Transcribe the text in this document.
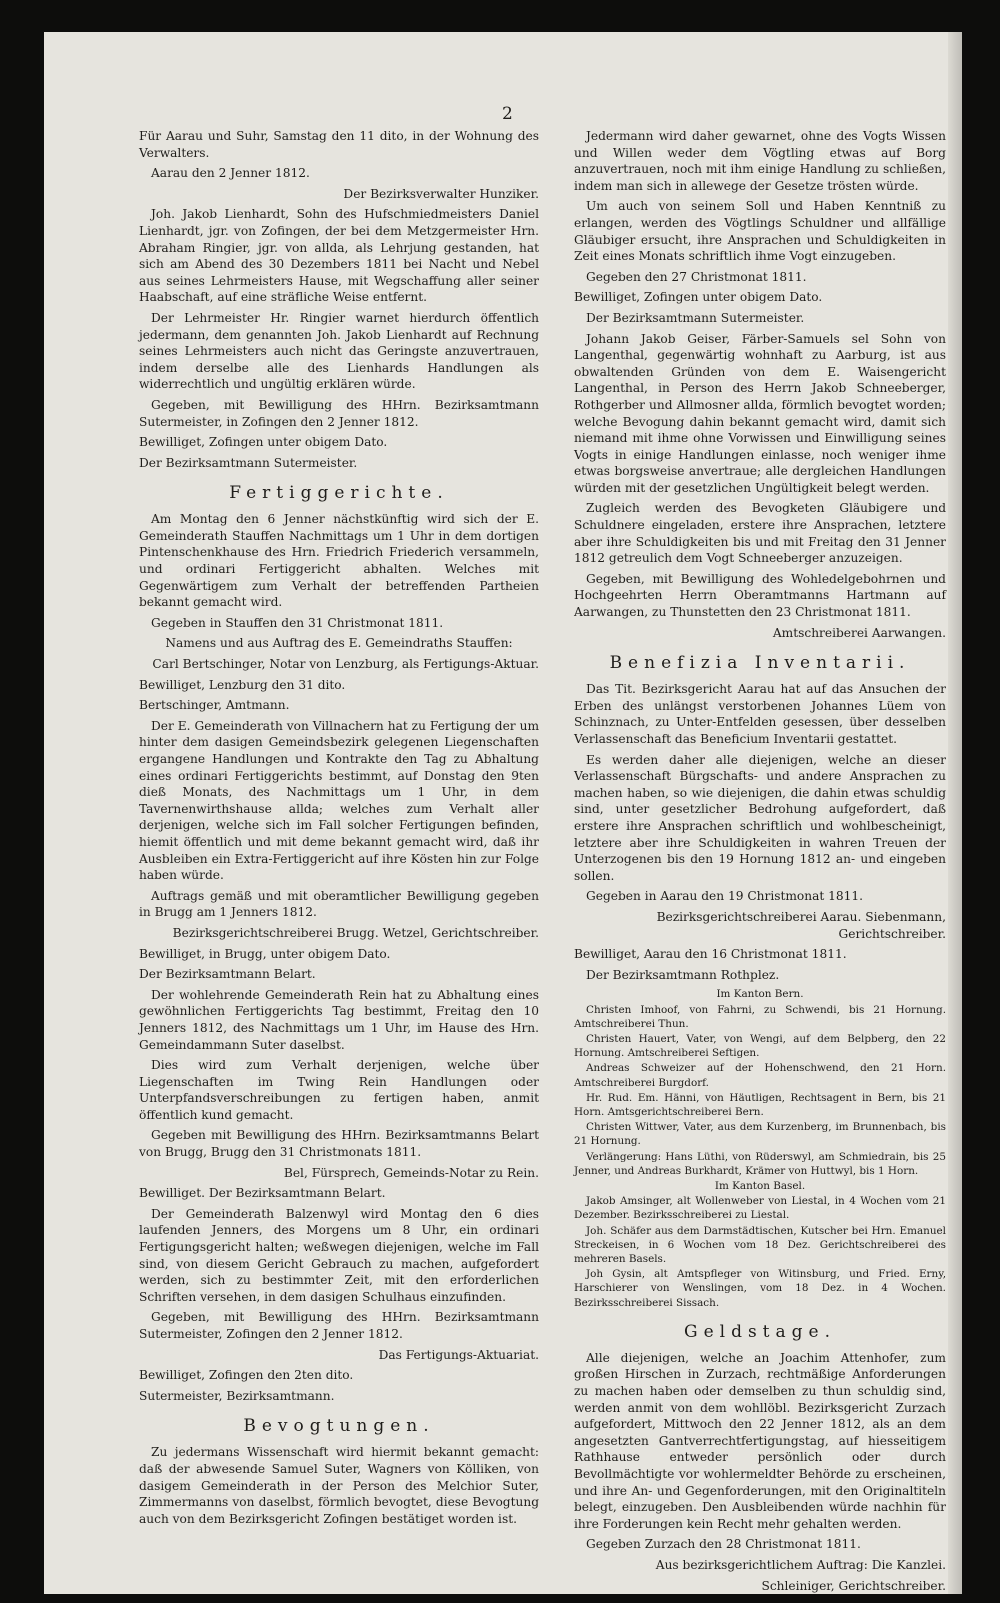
2

Für Aarau und Suhr, Samstag den 11 dito, in der Wohnung des Verwalters.

Aarau den 2 Jenner 1812.

Der Bezirksverwalter Hunziker.

Joh. Jakob Lienhardt, Sohn des Hufschmiedmeisters Daniel Lienhardt, jgr. von Zofingen, der bei dem Metzgermeister Hrn. Abraham Ringier, jgr. von allda, als Lehrjung gestanden, hat sich am Abend des 30 Dezembers 1811 bei Nacht und Nebel aus seines Lehrmeisters Hause, mit Wegschaffung aller seiner Haabschaft, auf eine sträfliche Weise entfernt.

Der Lehrmeister Hr. Ringier warnet hierdurch öffentlich jedermann, dem genannten Joh. Jakob Lienhardt auf Rechnung seines Lehrmeisters auch nicht das Geringste anzuvertrauen, indem derselbe alle des Lienhards Handlungen als widerrechtlich und ungültig erklären würde.

Gegeben, mit Bewilligung des HHrn. Bezirksamtmann Sutermeister, in Zofingen den 2 Jenner 1812.

Bewilliget, Zofingen unter obigem Dato.

Der Bezirksamtmann Sutermeister.

Fertiggerichte.

Am Montag den 6 Jenner nächstkünftig wird sich der E. Gemeinderath Stauffen Nachmittags um 1 Uhr in dem dortigen Pintenschenkhause des Hrn. Friedrich Friederich versammeln, und ordinari Fertiggericht abhalten. Welches mit Gegenwärtigem zum Verhalt der betreffenden Partheien bekannt gemacht wird.

Gegeben in Stauffen den 31 Christmonat 1811.

Namens und aus Auftrag des E. Gemeindraths Stauffen:

Carl Bertschinger, Notar von Lenzburg, als Fertigungs-Aktuar.

Bewilliget, Lenzburg den 31 dito.

Bertschinger, Amtmann.

Der E. Gemeinderath von Villnachern hat zu Fertigung der um hinter dem dasigen Gemeindsbezirk gelegenen Liegenschaften ergangene Handlungen und Kontrakte den Tag zu Abhaltung eines ordinari Fertiggerichts bestimmt, auf Donstag den 9ten dieß Monats, des Nachmittags um 1 Uhr, in dem Tavernenwirthshause allda; welches zum Verhalt aller derjenigen, welche sich im Fall solcher Fertigungen befinden, hiemit öffentlich und mit deme bekannt gemacht wird, daß ihr Ausbleiben ein Extra-Fertiggericht auf ihre Kösten hin zur Folge haben würde.

Auftrags gemäß und mit oberamtlicher Bewilligung gegeben in Brugg am 1 Jenners 1812.

Bezirksgerichtschreiberei Brugg. Wetzel, Gerichtschreiber.

Bewilliget, in Brugg, unter obigem Dato.

Der Bezirksamtmann Belart.

Der wohlehrende Gemeinderath Rein hat zu Abhaltung eines gewöhnlichen Fertiggerichts Tag bestimmt, Freitag den 10 Jenners 1812, des Nachmittags um 1 Uhr, im Hause des Hrn. Gemeindammann Suter daselbst.

Dies wird zum Verhalt derjenigen, welche über Liegenschaften im Twing Rein Handlungen oder Unterpfandsverschreibungen zu fertigen haben, anmit öffentlich kund gemacht.

Gegeben mit Bewilligung des HHrn. Bezirksamtmanns Belart von Brugg, Brugg den 31 Christmonats 1811.

Bel, Fürsprech, Gemeinds-Notar zu Rein.

Bewilliget. Der Bezirksamtmann Belart.

Der Gemeinderath Balzenwyl wird Montag den 6 dies laufenden Jenners, des Morgens um 8 Uhr, ein ordinari Fertigungsgericht halten; weßwegen diejenigen, welche im Fall sind, von diesem Gericht Gebrauch zu machen, aufgefordert werden, sich zu bestimmter Zeit, mit den erforderlichen Schriften versehen, in dem dasigen Schulhaus einzufinden.

Gegeben, mit Bewilligung des HHrn. Bezirksamtmann Sutermeister, Zofingen den 2 Jenner 1812.

Das Fertigungs-Aktuariat.

Bewilliget, Zofingen den 2ten dito.

Sutermeister, Bezirksamtmann.

Bevogtungen.

Zu jedermans Wissenschaft wird hiermit bekannt gemacht: daß der abwesende Samuel Suter, Wagners von Kölliken, von dasigem Gemeinderath in der Person des Melchior Suter, Zimmermanns von daselbst, förmlich bevogtet, diese Bevogtung auch von dem Bezirksgericht Zofingen bestätiget worden ist.

Jedermann wird daher gewarnet, ohne des Vogts Wissen und Willen weder dem Vögtling etwas auf Borg anzuvertrauen, noch mit ihm einige Handlung zu schließen, indem man sich in allewege der Gesetze trösten würde.

Um auch von seinem Soll und Haben Kenntniß zu erlangen, werden des Vögtlings Schuldner und allfällige Gläubiger ersucht, ihre Ansprachen und Schuldigkeiten in Zeit eines Monats schriftlich ihme Vogt einzugeben.

Gegeben den 27 Christmonat 1811.

Bewilliget, Zofingen unter obigem Dato.

Der Bezirksamtmann Sutermeister.

Johann Jakob Geiser, Färber-Samuels sel Sohn von Langenthal, gegenwärtig wohnhaft zu Aarburg, ist aus obwaltenden Gründen von dem E. Waisengericht Langenthal, in Person des Herrn Jakob Schneeberger, Rothgerber und Allmosner allda, förmlich bevogtet worden; welche Bevogung dahin bekannt gemacht wird, damit sich niemand mit ihme ohne Vorwissen und Einwilligung seines Vogts in einige Handlungen einlasse, noch weniger ihme etwas borgsweise anvertraue; alle dergleichen Handlungen würden mit der gesetzlichen Ungültigkeit belegt werden.

Zugleich werden des Bevogketen Gläubigere und Schuldnere eingeladen, erstere ihre Ansprachen, letztere aber ihre Schuldigkeiten bis und mit Freitag den 31 Jenner 1812 getreulich dem Vogt Schneeberger anzuzeigen.

Gegeben, mit Bewilligung des Wohledelgebohrnen und Hochgeehrten Herrn Oberamtmanns Hartmann auf Aarwangen, zu Thunstetten den 23 Christmonat 1811.

Amtschreiberei Aarwangen.

Benefizia Inventarii.

Das Tit. Bezirksgericht Aarau hat auf das Ansuchen der Erben des unlängst verstorbenen Johannes Lüem von Schinznach, zu Unter-Entfelden gesessen, über desselben Verlassenschaft das Beneficium Inventarii gestattet.

Es werden daher alle diejenigen, welche an dieser Verlassenschaft Bürgschafts- und andere Ansprachen zu machen haben, so wie diejenigen, die dahin etwas schuldig sind, unter gesetzlicher Bedrohung aufgefordert, daß erstere ihre Ansprachen schriftlich und wohlbescheinigt, letztere aber ihre Schuldigkeiten in wahren Treuen der Unterzogenen bis den 19 Hornung 1812 an- und eingeben sollen.

Gegeben in Aarau den 19 Christmonat 1811.

Bezirksgerichtschreiberei Aarau. Siebenmann, Gerichtschreiber.

Bewilliget, Aarau den 16 Christmonat 1811.

Der Bezirksamtmann Rothplez.

Im Kanton Bern.

Christen Imhoof, von Fahrni, zu Schwendi, bis 21 Hornung. Amtschreiberei Thun.

Christen Hauert, Vater, von Wengi, auf dem Belpberg, den 22 Hornung. Amtschreiberei Seftigen.

Andreas Schweizer auf der Hohenschwend, den 21 Horn. Amtschreiberei Burgdorf.

Hr. Rud. Em. Hänni, von Häutligen, Rechtsagent in Bern, bis 21 Horn. Amtsgerichtschreiberei Bern.

Christen Wittwer, Vater, aus dem Kurzenberg, im Brunnenbach, bis 21 Hornung.

Verlängerung: Hans Lüthi, von Rüderswyl, am Schmiedrain, bis 25 Jenner, und Andreas Burkhardt, Krämer von Huttwyl, bis 1 Horn.

Im Kanton Basel.

Jakob Amsinger, alt Wollenweber von Liestal, in 4 Wochen vom 21 Dezember. Bezirksschreiberei zu Liestal.

Joh. Schäfer aus dem Darmstädtischen, Kutscher bei Hrn. Emanuel Streckeisen, in 6 Wochen vom 18 Dez. Gerichtschreiberei des mehreren Basels.

Joh Gysin, alt Amtspfleger von Witinsburg, und Fried. Erny, Harschierer von Wenslingen, vom 18 Dez. in 4 Wochen. Bezirksschreiberei Sissach.

Geldstage.

Alle diejenigen, welche an Joachim Attenhofer, zum großen Hirschen in Zurzach, rechtmäßige Anforderungen zu machen haben oder demselben zu thun schuldig sind, werden anmit von dem wohllöbl. Bezirksgericht Zurzach aufgefordert, Mittwoch den 22 Jenner 1812, als an dem angesetzten Gantverrechtfertigungstag, auf hiesseitigem Rathhause entweder persönlich oder durch Bevollmächtigte vor wohlermeldter Behörde zu erscheinen, und ihre An- und Gegenforderungen, mit den Originaltiteln belegt, einzugeben. Den Ausbleibenden würde nachhin für ihre Forderungen kein Recht mehr gehalten werden.

Gegeben Zurzach den 28 Christmonat 1811.

Aus bezirksgerichtlichem Auftrag: Die Kanzlei.

Schleiniger, Gerichtschreiber.
